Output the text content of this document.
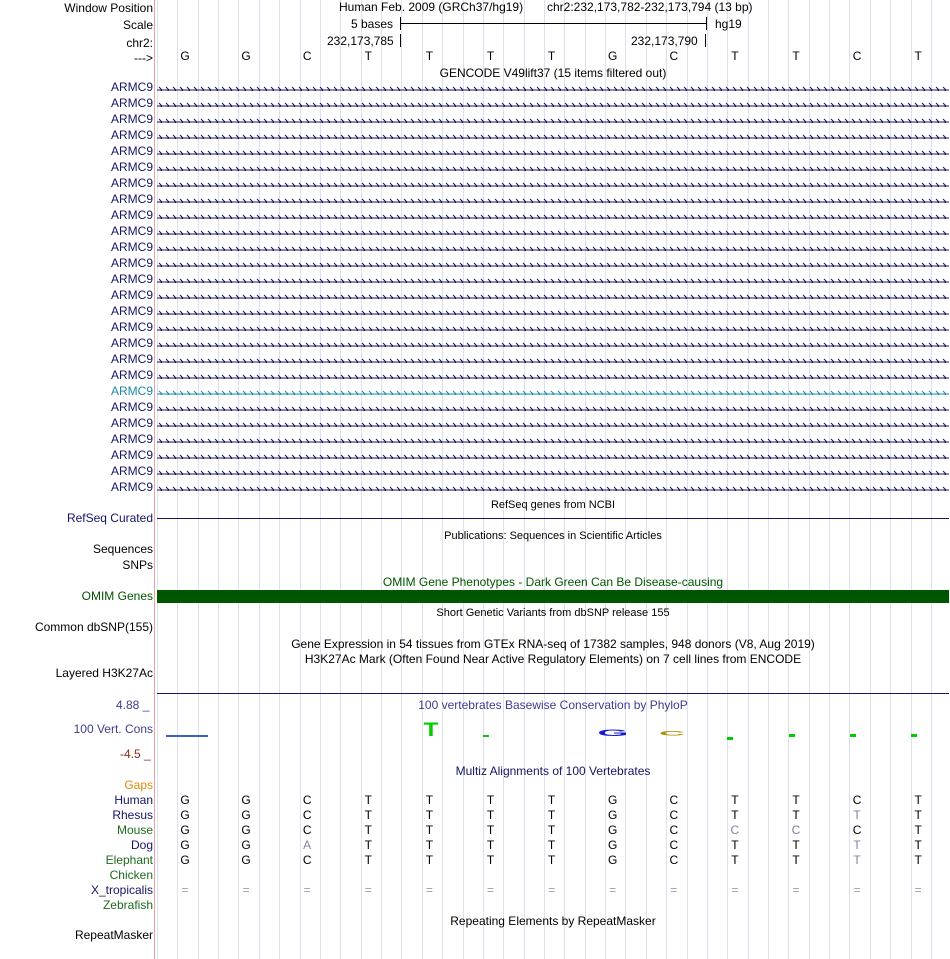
Window Position
Scale
chr2:
--->
Human Feb. 2009 (GRCh37/hg19) chr2:232,173,782-232,173,794 (13 bp)
5 bases	hg19
232,173,785	232,173,790
G	G	C	T	T	T	T	G	C	T	T	C	T
GENCODE V49lift37 (15 items filtered out)
ARMC9
ARMC9
ARMC9
ARMC9
ARMC9
ARMC9
ARMC9
ARMC9
ARMC9
ARMC9
ARMC9
ARMC9
ARMC9
ARMC9
ARMC9
ARMC9
ARMC9
ARMC9
ARMC9
ARMC9
ARMC9
ARMC9
ARMC9
ARMC9
ARMC9
ARMC9
RefSeq genes from NCBI
RefSeq Curated
Publications: Sequences in Scientific Articles
Sequences
SNPs
OMIM Gene Phenotypes - Dark Green Can Be Disease-causing
OMIM Genes
Short Genetic Variants from dbSNP release 155
Common dbSNP(155)
Gene Expression in 54 tissues from GTEx RNA-seq of 17382 samples, 948 donors (V8, Aug 2019)
H3K27Ac Mark (Often Found Near Active Regulatory Elements) on 7 cell lines from ENCODE
Layered H3K27Ac
100 vertebrates Basewise Conservation by PhyloP
4.88 _
100 Vert. Cons
-4.5 _
T	G C
Multiz Alignments of 100 Vertebrates
Gaps
Human	G	G	C	T	T	T	T	G	C	T	T	C	T
Rhesus	G	G	C	T	T	T	T	G	C	T	T	T	T
Mouse	G	G	C	T	T	T	T	G	C	C	C	C	T
Dog	G	G	A	T	T	T	T	G	C	T	T	T	T
Elephant	G	G	C	T	T	T	T	G	C	T	T	T	T
Chicken
X_tropicalis	=	=	=	=	=	=	=	=	=	=	=	=	=
Zebrafish
Repeating Elements by RepeatMasker
RepeatMasker
